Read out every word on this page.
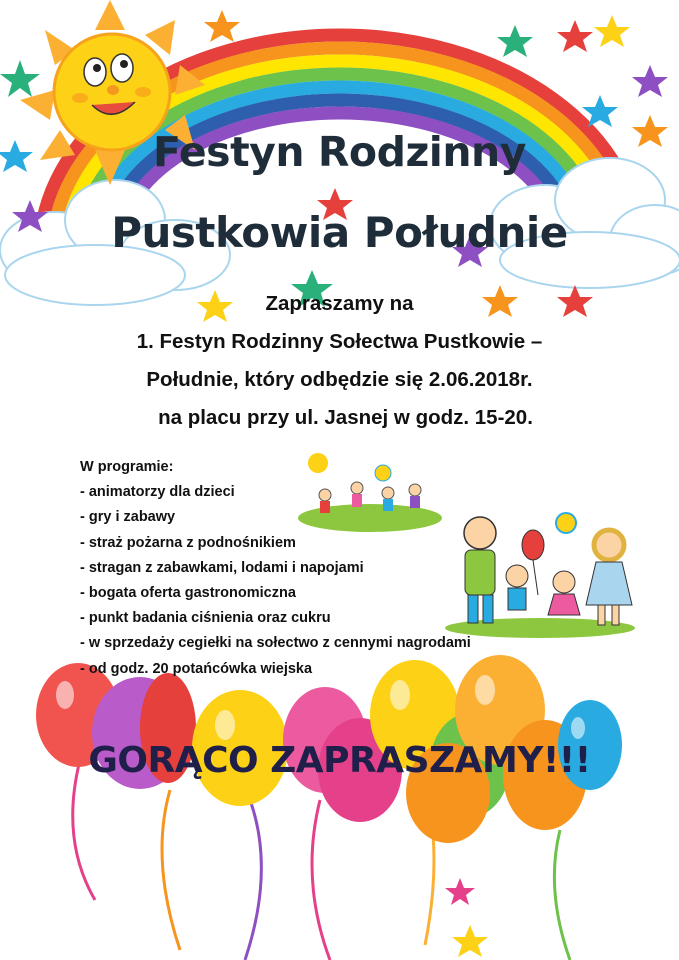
Festyn Rodzinny
Pustkowia Południe
Zapraszamy na
1. Festyn Rodzinny Sołectwa Pustkowie –
Południe, który odbędzie się 2.06.2018r.
na placu przy ul. Jasnej w godz. 15-20.
W programie:
- animatorzy dla dzieci
- gry i zabawy
- straż pożarna z podnośnikiem
- stragan z zabawkami, lodami i napojami
- bogata oferta gastronomiczna
- punkt badania ciśnienia oraz cukru
- w sprzedaży cegiełki na sołectwo z cennymi nagrodami
- od godz. 20 potańcówka wiejska
GORĄCO ZAPRASZAMY!!!
